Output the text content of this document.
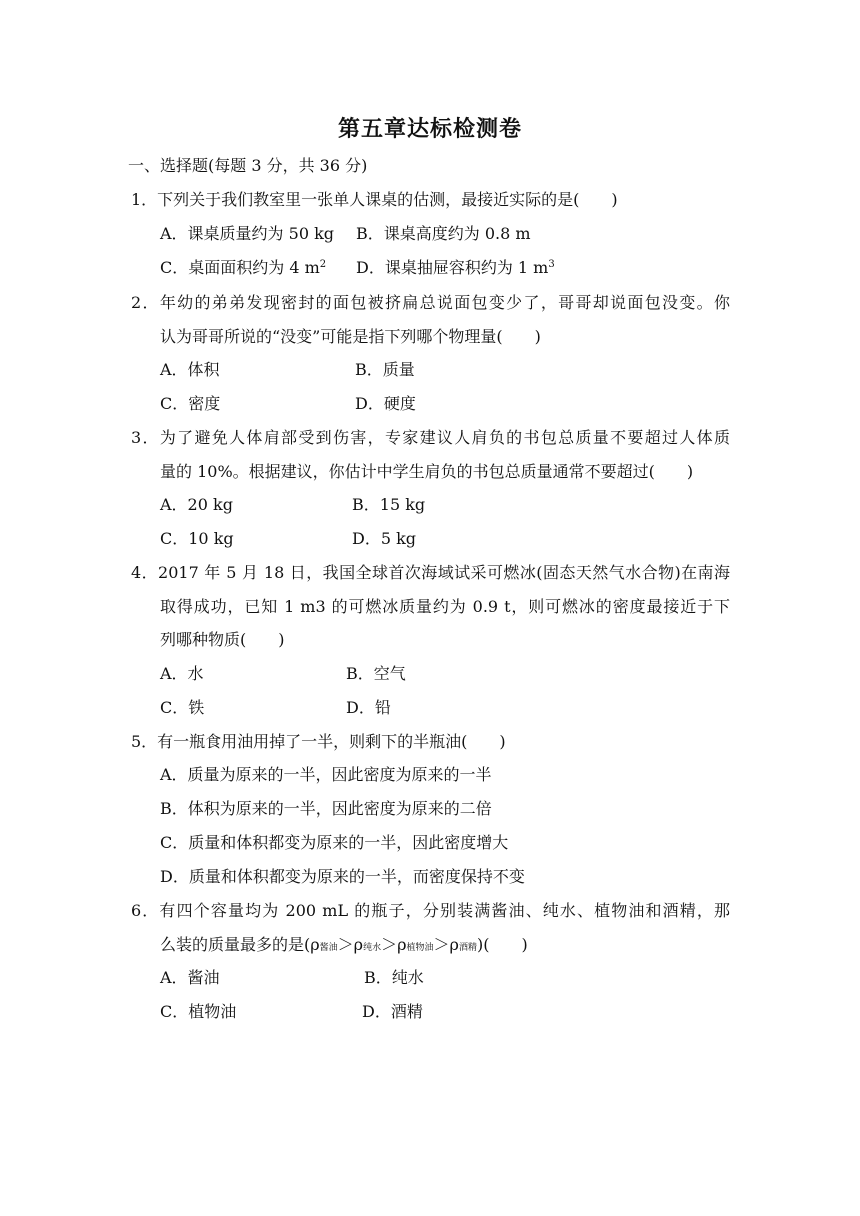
第五章达标检测卷
一、选择题(每题 3 分，共 36 分)
1．下列关于我们教室里一张单人课桌的估测，最接近实际的是(　　)
A．课桌质量约为 50 kg B．课桌高度约为 0.8 m
C．桌面面积约为 4 $m^2$ D．课桌抽屉容积约为 1 $m^3$
2．年幼的弟弟发现密封的面包被挤扁总说面包变少了，哥哥却说面包没变。你
认为哥哥所说的“没变”可能是指下列哪个物理量(　　)
A．体积	B．质量
C．密度	D．硬度
3．为了避免人体肩部受到伤害，专家建议人肩负的书包总质量不要超过人体质
量的 10%。根据建议，你估计中学生肩负的书包总质量通常不要超过(　　)
A．20 kg	B．15 kg
C．10 kg	D．5 kg
4．2017 年 5 月 18 日，我国全球首次海域试采可燃冰(固态天然气水合物)在南海
取得成功，已知 1 m3 的可燃冰质量约为 0.9 t，则可燃冰的密度最接近于下
列哪种物质(　　)
A．水	B．空气
C．铁	D．铅
5．有一瓶食用油用掉了一半，则剩下的半瓶油(　　)
A．质量为原来的一半，因此密度为原来的一半
B．体积为原来的一半，因此密度为原来的二倍
C．质量和体积都变为原来的一半，因此密度增大
D．质量和体积都变为原来的一半，而密度保持不变
6．有四个容量均为 200 mL 的瓶子，分别装满酱油、纯水、植物油和酒精，那
么装的质量最多的是(ρ酱油＞ρ纯水＞ρ植物油＞ρ酒精)(　　)
A．酱油	B．纯水
C．植物油	D．酒精
